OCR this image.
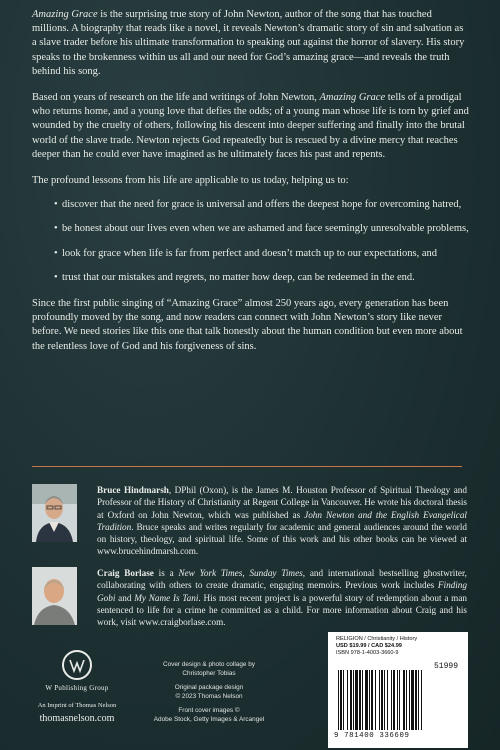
Amazing Grace is the surprising true story of John Newton, author of the song that has touched millions. A biography that reads like a novel, it reveals Newton’s dramatic story of sin and salvation as a slave trader before his ultimate transformation to speaking out against the horror of slavery. His story speaks to the brokenness within us all and our need for God’s amazing grace—and reveals the truth behind his song.

Based on years of research on the life and writings of John Newton, Amazing Grace tells of a prodigal who returns home, and a young love that defies the odds; of a young man whose life is torn by grief and wounded by the cruelty of others, following his descent into deeper suffering and finally into the brutal world of the slave trade. Newton rejects God repeatedly but is rescued by a divine mercy that reaches deeper than he could ever have imagined as he ultimately faces his past and repents.

The profound lessons from his life are applicable to us today, helping us to:

• discover that the need for grace is universal and offers the deepest hope for overcoming hatred,
• be honest about our lives even when we are ashamed and face seemingly unresolvable problems,
• look for grace when life is far from perfect and doesn’t match up to our expectations, and
• trust that our mistakes and regrets, no matter how deep, can be redeemed in the end.

Since the first public singing of “Amazing Grace” almost 250 years ago, every generation has been profoundly moved by the song, and now readers can connect with John Newton’s story like never before. We need stories like this one that talk honestly about the human condition but even more about the relentless love of God and his forgiveness of sins.

Bruce Hindmarsh, DPhil (Oxon), is the James M. Houston Professor of Spiritual Theology and Professor of the History of Christianity at Regent College in Vancouver. He wrote his doctoral thesis at Oxford on John Newton, which was published as John Newton and the English Evangelical Tradition. Bruce speaks and writes regularly for academic and general audiences around the world on history, theology, and spiritual life. Some of this work and his other books can be viewed at www.brucehindmarsh.com.
Craig Borlase is a New York Times, Sunday Times, and international bestselling ghostwriter, collaborating with others to create dramatic, engaging memoirs. Previous work includes Finding Gobi and My Name Is Tani. His most recent project is a powerful story of redemption about a man sentenced to life for a crime he committed as a child. For more information about Craig and his work, visit www.craigborlase.com.
W Publishing Group
An Imprint of Thomas Nelson
thomasnelson.com
Cover design & photo collage by
Christopher Tobias
Original package design
© 2023 Thomas Nelson
Front cover images ©
Adobe Stock, Getty Images & Arcangel
RELIGION / Christianity / History
USD $19.99 / CAD $24.99
ISBN 978-1-4003-3660-9
51999
9 781400 336609
